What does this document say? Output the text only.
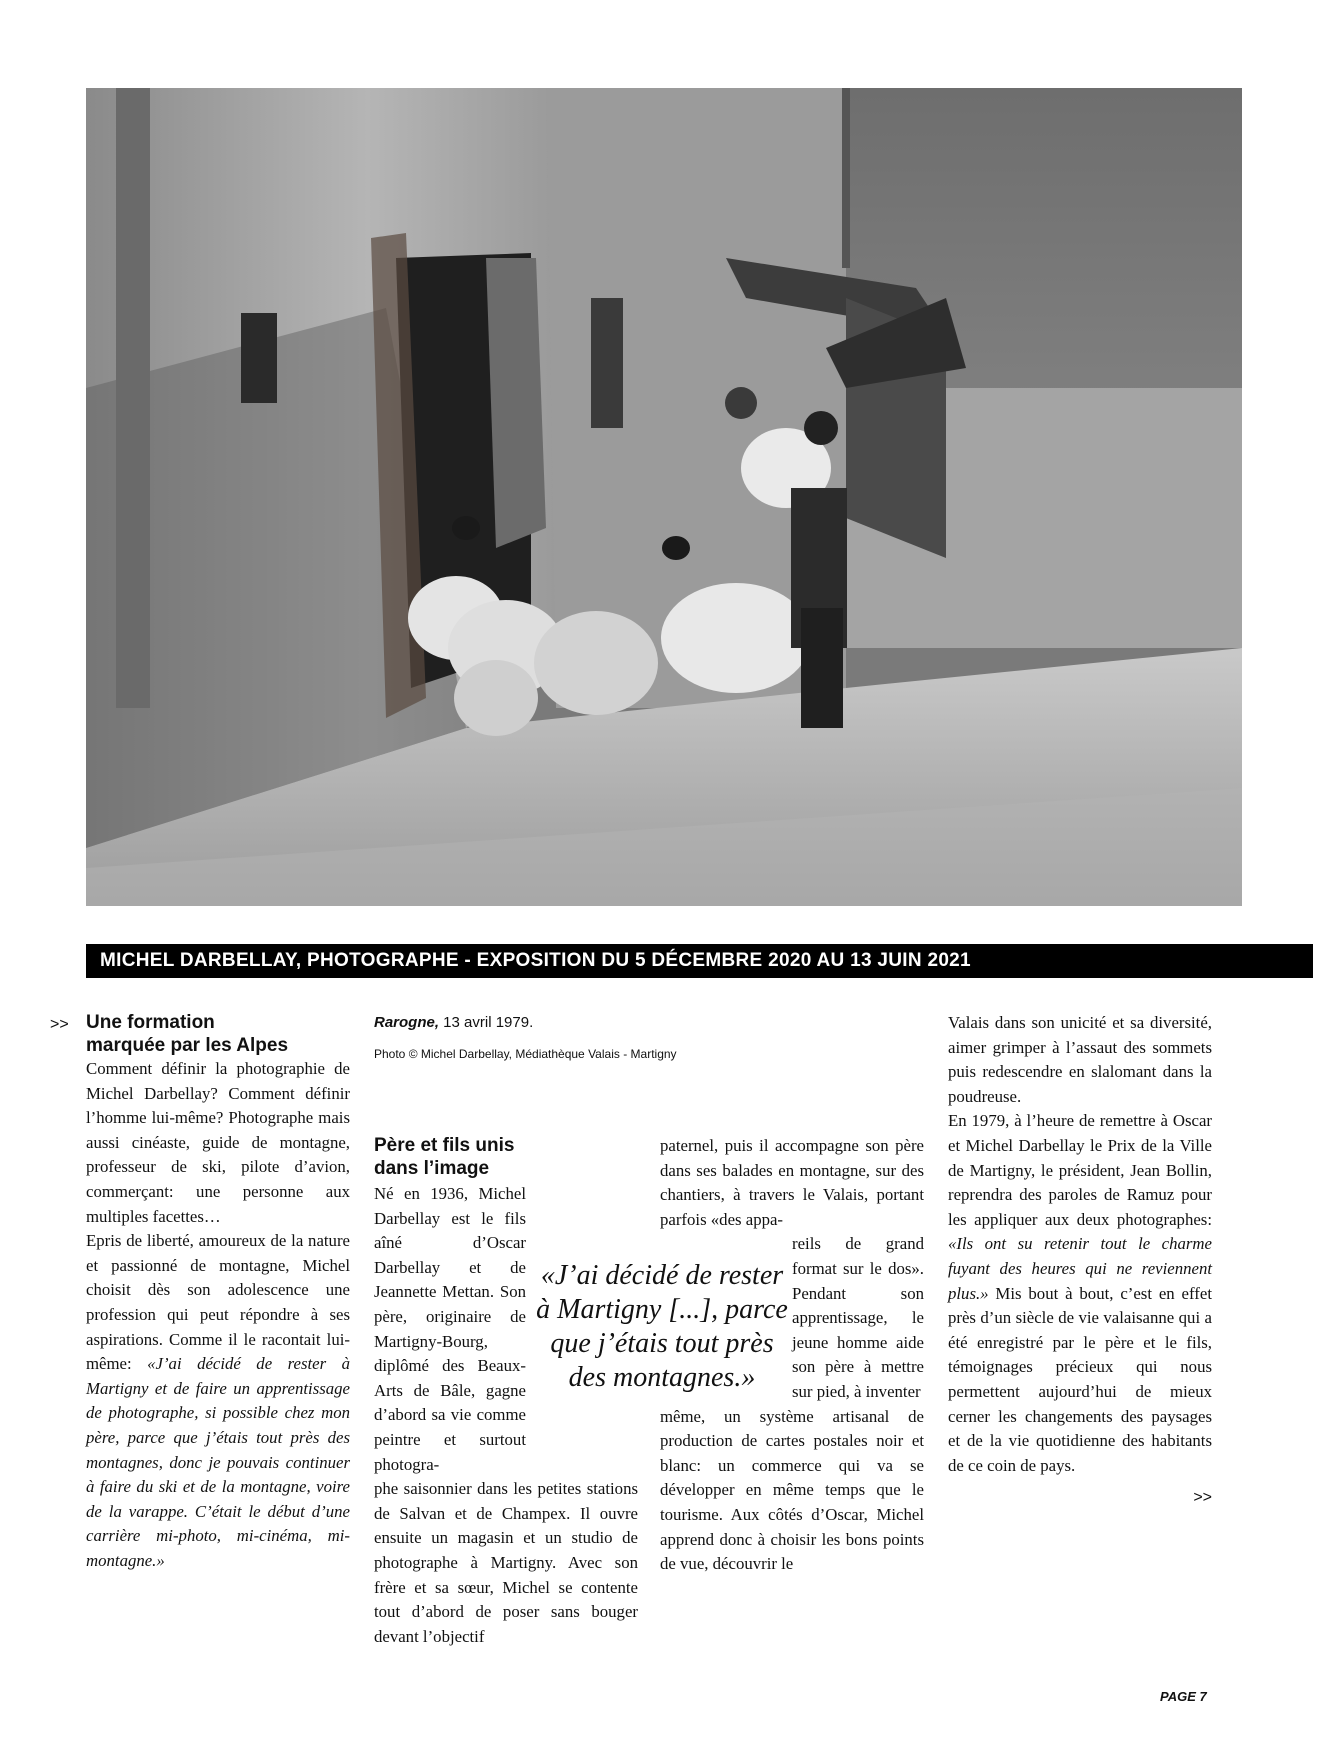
MICHEL DARBELLAY, PHOTOGRAPHE - EXPOSITION DU 5 DÉCEMBRE 2020 AU 13 JUIN 2021
>> Une formation
marquée par les Alpes

Comment définir la photographie de Michel Darbellay? Comment définir l’homme lui-même? Photographe mais aussi cinéaste, guide de montagne, professeur de ski, pilote d’avion, commerçant: une personne aux multiples facettes…

Epris de liberté, amoureux de la nature et passionné de montagne, Michel choisit dès son adolescence une profession qui peut répondre à ses aspirations. Comme il le racontait lui-même: «J’ai décidé de rester à Martigny et de faire un apprentissage de photographe, si possible chez mon père, parce que j’étais tout près des montagnes, donc je pouvais continuer à faire du ski et de la montagne, voire de la varappe. C’était le début d’une carrière mi-photo, mi-cinéma, mi-montagne.»

Rarogne, 13 avril 1979.
Photo © Michel Darbellay, Médiathèque Valais - Martigny
Père et fils unis
dans l’image

Né en 1936, Michel Darbellay est le fils aîné d’Oscar Darbellay et de Jeannette Mettan. Son père, originaire de Martigny-Bourg, diplômé des Beaux-Arts de Bâle, gagne d’abord sa vie comme peintre et surtout photogra-

phe saisonnier dans les petites stations de Salvan et de Champex. Il ouvre ensuite un magasin et un studio de photographe à Martigny. Avec son frère et sa sœur, Michel se contente tout d’abord de poser sans bouger devant l’objectif

«J’ai décidé de rester à Martigny [...], parce que j’étais tout près des montagnes.»

paternel, puis il accompagne son père dans ses balades en montagne, sur des chantiers, à travers le Valais, portant parfois «des appa-

reils de grand format sur le dos». Pendant son apprentissage, le jeune homme aide son père à mettre sur pied, à inventer

même, un système artisanal de production de cartes postales noir et blanc: un commerce qui va se développer en même temps que le tourisme. Aux côtés d’Oscar, Michel apprend donc à choisir les bons points de vue, découvrir le

Valais dans son unicité et sa diversité, aimer grimper à l’assaut des sommets puis redescendre en slalomant dans la poudreuse.

En 1979, à l’heure de remettre à Oscar et Michel Darbellay le Prix de la Ville de Martigny, le président, Jean Bollin, reprendra des paroles de Ramuz pour les appliquer aux deux photographes: «Ils ont su retenir tout le charme fuyant des heures qui ne reviennent plus.» Mis bout à bout, c’est en effet près d’un siècle de vie valaisanne qui a été enregistré par le père et le fils, témoignages précieux qui nous permettent aujourd’hui de mieux cerner les changements des paysages et de la vie quotidienne des habitants de ce coin de pays.

>>
PAGE 7
